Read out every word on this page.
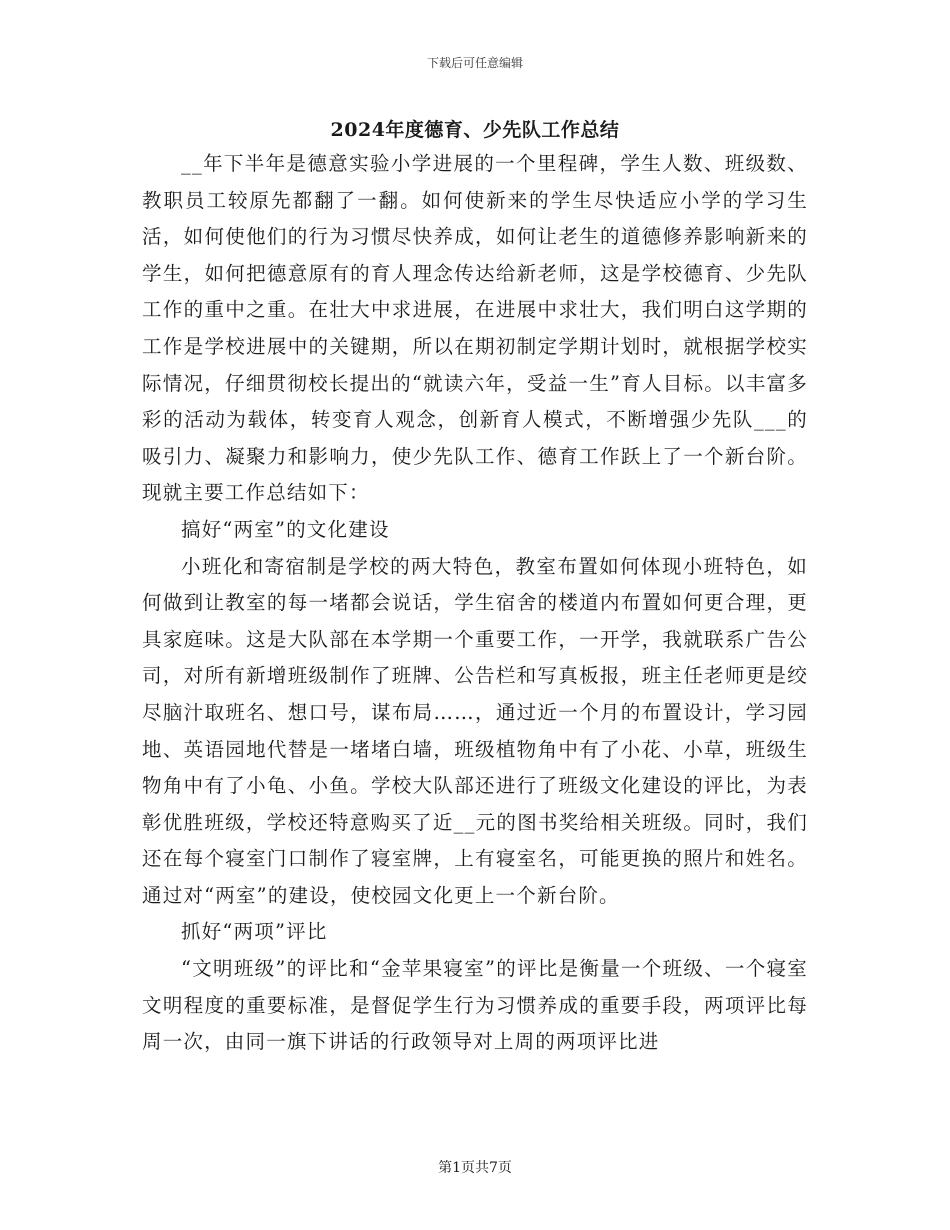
下载后可任意编辑
2024年度德育、少先队工作总结

__年下半年是德意实验小学进展的一个里程碑，学生人数、班级数、教职员工较原先都翻了一翻。如何使新来的学生尽快适应小学的学习生活，如何使他们的行为习惯尽快养成，如何让老生的道德修养影响新来的学生，如何把德意原有的育人理念传达给新老师，这是学校德育、少先队工作的重中之重。在壮大中求进展，在进展中求壮大，我们明白这学期的工作是学校进展中的关键期，所以在期初制定学期计划时，就根据学校实际情况，仔细贯彻校长提出的“就读六年，受益一生”育人目标。以丰富多彩的活动为载体，转变育人观念，创新育人模式，不断增强少先队___的吸引力、凝聚力和影响力，使少先队工作、德育工作跃上了一个新台阶。现就主要工作总结如下：

搞好“两室”的文化建设

小班化和寄宿制是学校的两大特色，教室布置如何体现小班特色，如何做到让教室的每一堵都会说话，学生宿舍的楼道内布置如何更合理，更具家庭味。这是大队部在本学期一个重要工作，一开学，我就联系广告公司，对所有新增班级制作了班牌、公告栏和写真板报，班主任老师更是绞尽脑汁取班名、想口号，谋布局……，通过近一个月的布置设计，学习园地、英语园地代替是一堵堵白墙，班级植物角中有了小花、小草，班级生物角中有了小龟、小鱼。学校大队部还进行了班级文化建设的评比，为表彰优胜班级，学校还特意购买了近__元的图书奖给相关班级。同时，我们还在每个寝室门口制作了寝室牌，上有寝室名，可能更换的照片和姓名。通过对“两室”的建设，使校园文化更上一个新台阶。

抓好“两项”评比

“文明班级”的评比和“金苹果寝室”的评比是衡量一个班级、一个寝室文明程度的重要标准，是督促学生行为习惯养成的重要手段，两项评比每周一次，由同一旗下讲话的行政领导对上周的两项评比进

第1页共7页
